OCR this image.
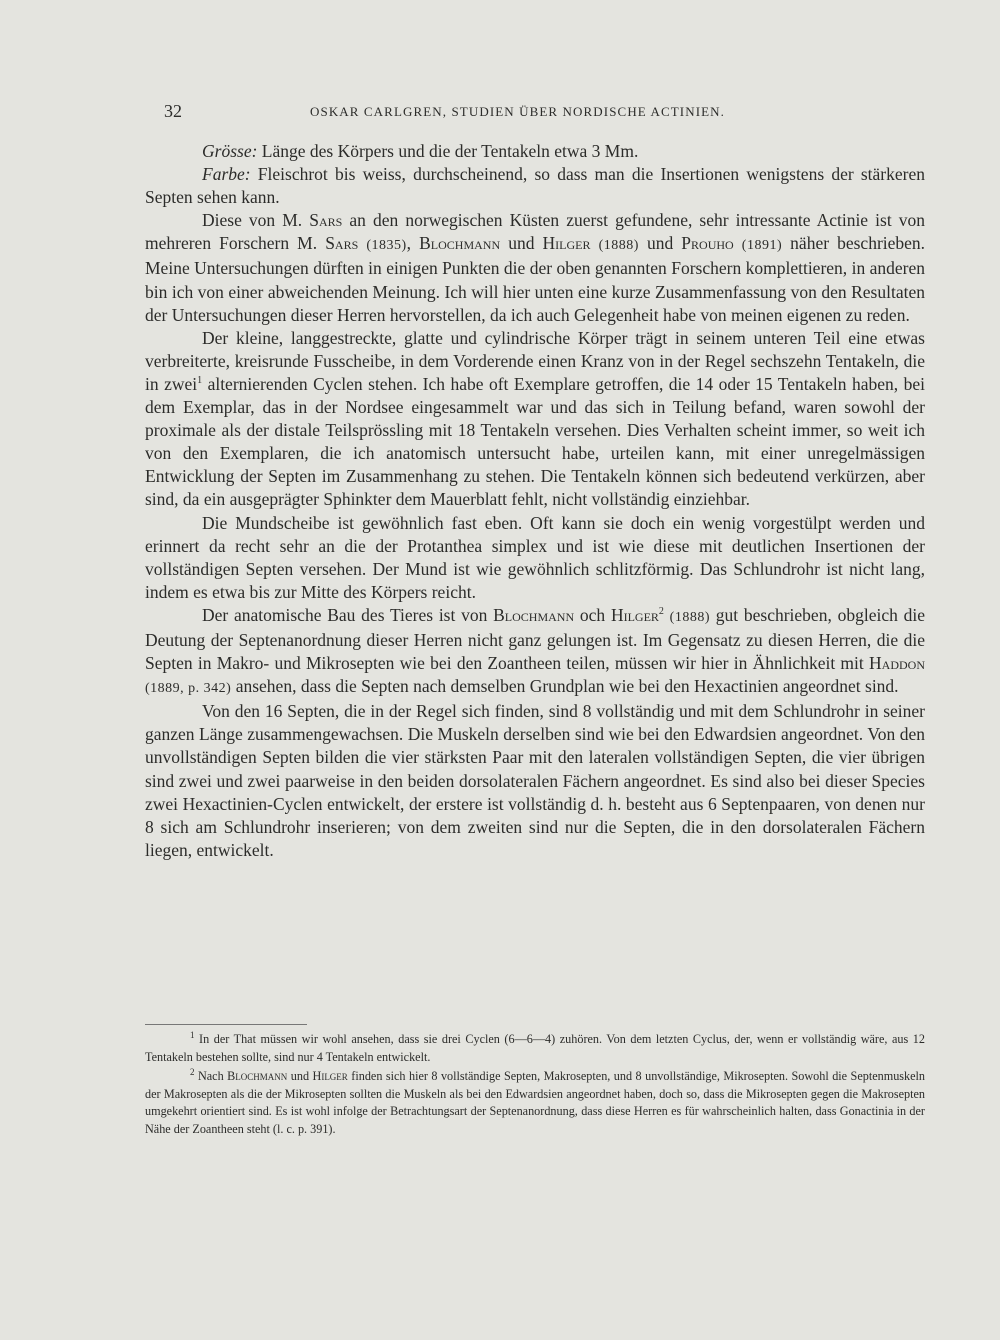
32	OSKAR CARLGREN, STUDIEN ÜBER NORDISCHE ACTINIEN.

Grösse: Länge des Körpers und die der Tentakeln etwa 3 Mm.

Farbe: Fleischrot bis weiss, durchscheinend, so dass man die Insertionen wenigstens der stärkeren Septen sehen kann.

Diese von M. Sars an den norwegischen Küsten zuerst gefundene, sehr intressante Actinie ist von mehreren Forschern M. Sars (1835), Blochmann und Hilger (1888) und Prouho (1891) näher beschrieben. Meine Untersuchungen dürften in einigen Punkten die der oben genannten Forschern komplettieren, in anderen bin ich von einer abweichenden Meinung. Ich will hier unten eine kurze Zusammenfassung von den Resultaten der Untersuchungen dieser Herren hervorstellen, da ich auch Gelegenheit habe von meinen eigenen zu reden.

Der kleine, langgestreckte, glatte und cylindrische Körper trägt in seinem unteren Teil eine etwas verbreiterte, kreisrunde Fusscheibe, in dem Vorderende einen Kranz von in der Regel sechszehn Tentakeln, die in zwei$^1$ alternierenden Cyclen stehen. Ich habe oft Exemplare getroffen, die 14 oder 15 Tentakeln haben, bei dem Exemplar, das in der Nordsee eingesammelt war und das sich in Teilung befand, waren sowohl der proximale als der distale Teilsprössling mit 18 Tentakeln versehen. Dies Verhalten scheint immer, so weit ich von den Exemplaren, die ich anatomisch untersucht habe, urteilen kann, mit einer unregelmässigen Entwicklung der Septen im Zusammenhang zu stehen. Die Tentakeln können sich bedeutend verkürzen, aber sind, da ein ausgeprägter Sphinkter dem Mauerblatt fehlt, nicht vollständig einziehbar.

Die Mundscheibe ist gewöhnlich fast eben. Oft kann sie doch ein wenig vorgestülpt werden und erinnert da recht sehr an die der Protanthea simplex und ist wie diese mit deutlichen Insertionen der vollständigen Septen versehen. Der Mund ist wie gewöhnlich schlitzförmig. Das Schlundrohr ist nicht lang, indem es etwa bis zur Mitte des Körpers reicht.

Der anatomische Bau des Tieres ist von Blochmann och Hilger$^2$ (1888) gut beschrieben, obgleich die Deutung der Septenanordnung dieser Herren nicht ganz gelungen ist. Im Gegensatz zu diesen Herren, die die Septen in Makro- und Mikrosepten wie bei den Zoantheen teilen, müssen wir hier in Ähnlichkeit mit Haddon (1889, p. 342) ansehen, dass die Septen nach demselben Grundplan wie bei den Hexactinien angeordnet sind.

Von den 16 Septen, die in der Regel sich finden, sind 8 vollständig und mit dem Schlundrohr in seiner ganzen Länge zusammengewachsen. Die Muskeln derselben sind wie bei den Edwardsien angeordnet. Von den unvollständigen Septen bilden die vier stärksten Paar mit den lateralen vollständigen Septen, die vier übrigen sind zwei und zwei paarweise in den beiden dorsolateralen Fächern angeordnet. Es sind also bei dieser Species zwei Hexactinien-Cyclen entwickelt, der erstere ist vollständig d. h. besteht aus 6 Septenpaaren, von denen nur 8 sich am Schlundrohr inserieren; von dem zweiten sind nur die Septen, die in den dorsolateralen Fächern liegen, entwickelt.

$^1$ In der That müssen wir wohl ansehen, dass sie drei Cyclen (6—6—4) zuhören. Von dem letzten Cyclus, der, wenn er vollständig wäre, aus 12 Tentakeln bestehen sollte, sind nur 4 Tentakeln entwickelt.

$^2$ Nach Blochmann und Hilger finden sich hier 8 vollständige Septen, Makrosepten, und 8 unvollständige, Mikrosepten. Sowohl die Septenmuskeln der Makrosepten als die der Mikrosepten sollten die Muskeln als bei den Edwardsien angeordnet haben, doch so, dass die Mikrosepten gegen die Makrosepten umgekehrt orientiert sind. Es ist wohl infolge der Betrachtungsart der Septenanordnung, dass diese Herren es für wahrscheinlich halten, dass Gonactinia in der Nähe der Zoantheen steht (l. c. p. 391).
